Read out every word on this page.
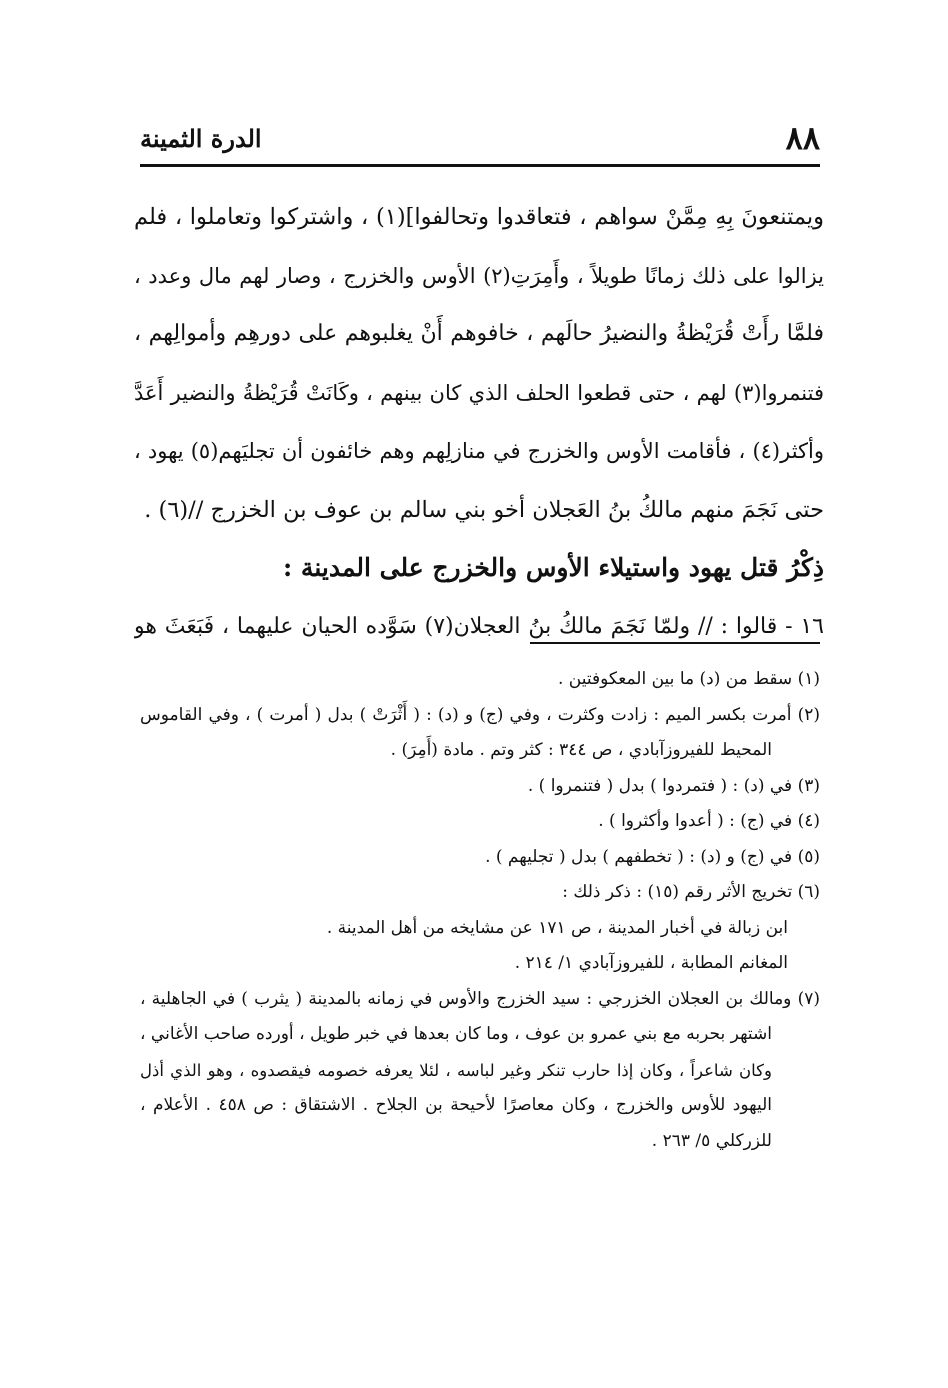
٨٨
الدرة الثمينة
ويمتنعونَ بِهِ مِمَّنْ سواهم ، فتعاقدوا وتحالفوا](١) ، واشتركوا وتعاملوا ، فلم
يزالوا على ذلك زمانًا طويلاً ، وأَمِرَتِ(٢) الأوس والخزرج ، وصار لهم مال وعدد ،
فلمَّا رأَتْ قُرَيْظةُ والنضيرُ حالَهم ، خافوهم أَنْ يغلبوهم على دورهِم وأموالِهم ،
فتنمروا(٣) لهم ، حتى قطعوا الحلف الذي كان بينهم ، وكَانَتْ قُرَيْظةُ والنضير أَعَدَّ
وأكثر(٤) ، فأقامت الأوس والخزرج في منازلِهم وهم خائفون أن تجليَهم(٥) يهود ،
حتى نَجَمَ منهم مالكُ بنُ العَجلان أخو بني سالم بن عوف بن الخزرج //(٦) .
ذِكْرُ قتل يهود واستيلاء الأوس والخزرج على المدينة :
١٦ - قالوا : // ولمّا نَجَمَ مالكُ بنُ العجلان(٧) سَوَّده الحيان عليهما ، فَبَعَثَ هو
(١) سقط من (د) ما بين المعكوفتين .
(٢) أمرت بكسر الميم : زادت وكثرت ، وفي (ج) و (د) : ( أَثْرَتْ ) بدل ( أمرت ) ، وفي القاموس
المحيط للفيروزآبادي ، ص ٣٤٤ : كثر وتم . مادة (أَمِرَ) .
(٣) في (د) : ( فتمردوا ) بدل ( فتنمروا ) .
(٤) في (ج) : ( أعدوا وأكثروا ) .
(٥) في (ج) و (د) : ( تخطفهم ) بدل ( تجليهم ) .
(٦) تخريج الأثر رقم (١٥) : ذكر ذلك :
ابن زبالة في أخبار المدينة ، ص ١٧١ عن مشايخه من أهل المدينة .
المغانم المطابة ، للفيروزآبادي ١/ ٢١٤ .
(٧) ومالك بن العجلان الخزرجي : سيد الخزرج والأوس في زمانه بالمدينة ( يثرب ) في الجاهلية ،
اشتهر بحربه مع بني عمرو بن عوف ، وما كان بعدها في خبر طويل ، أورده صاحب الأغاني ،
وكان شاعراً ، وكان إذا حارب تنكر وغير لباسه ، لئلا يعرفه خصومه فيقصدوه ، وهو الذي أذل
اليهود للأوس والخزرج ، وكان معاصرًا لأحيحة بن الجلاح . الاشتقاق : ص ٤٥٨ . الأعلام ،
للزركلي ٥/ ٢٦٣ .
